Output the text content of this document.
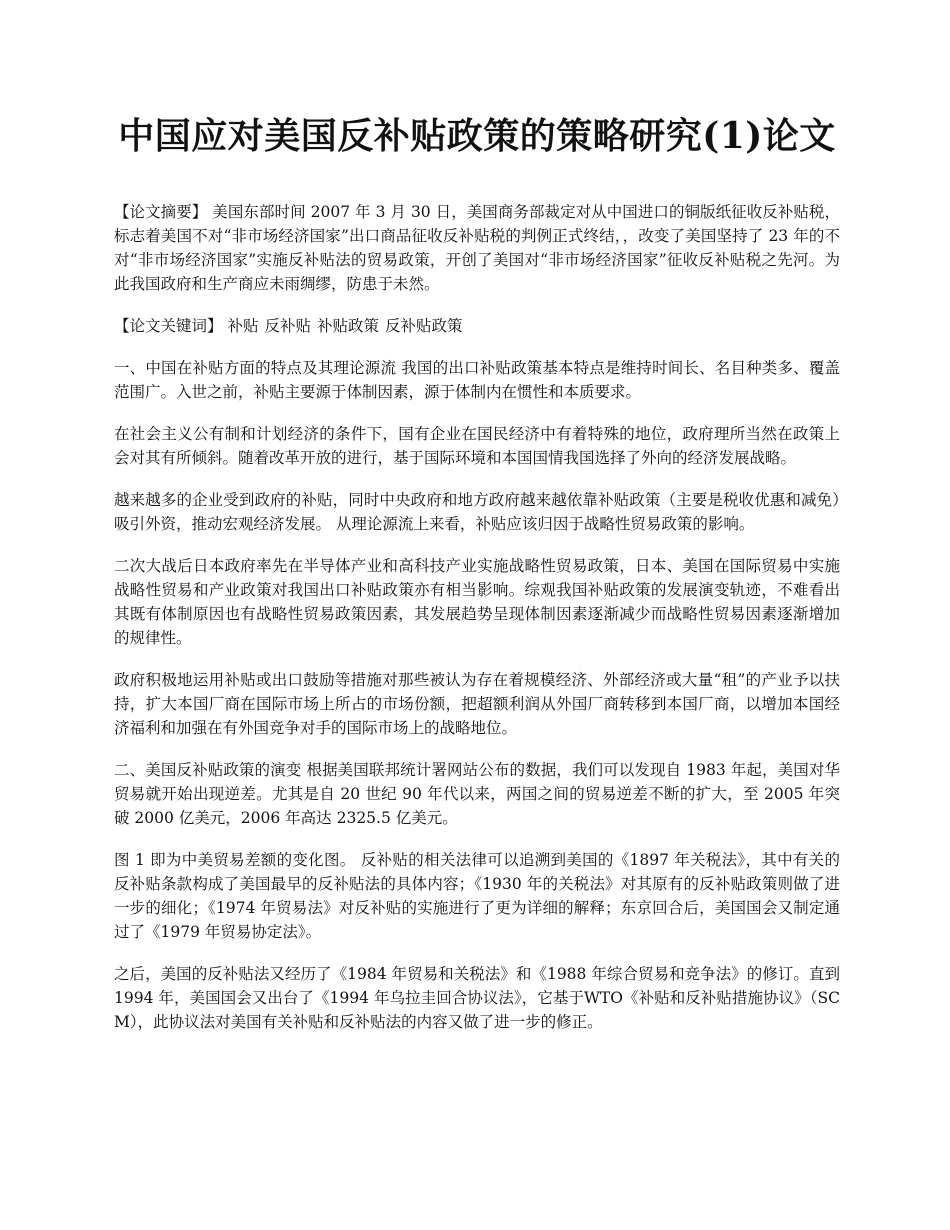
中国应对美国反补贴政策的策略研究(1)论文

【论文摘要】 美国东部时间 2007 年 3 月 30 日，美国商务部裁定对从中国进口的铜版纸征收反补贴税，标志着美国不对“非市场经济国家”出口商品征收反补贴税的判例正式终结，，改变了美国坚持了 23 年的不对“非市场经济国家”实施反补贴法的贸易政策，开创了美国对“非市场经济国家”征收反补贴税之先河。为此我国政府和生产商应未雨绸缪，防患于未然。

【论文关键词】 补贴 反补贴 补贴政策 反补贴政策

一、中国在补贴方面的特点及其理论源流 我国的出口补贴政策基本特点是维持时间长、名目种类多、覆盖范围广。入世之前，补贴主要源于体制因素，源于体制内在惯性和本质要求。

在社会主义公有制和计划经济的条件下，国有企业在国民经济中有着特殊的地位，政府理所当然在政策上会对其有所倾斜。随着改革开放的进行，基于国际环境和本国国情我国选择了外向的经济发展战略。

越来越多的企业受到政府的补贴，同时中央政府和地方政府越来越依靠补贴政策（主要是税收优惠和减免）吸引外资，推动宏观经济发展。 从理论源流上来看，补贴应该归因于战略性贸易政策的影响。

二次大战后日本政府率先在半导体产业和高科技产业实施战略性贸易政策，日本、美国在国际贸易中实施战略性贸易和产业政策对我国出口补贴政策亦有相当影响。综观我国补贴政策的发展演变轨迹，不难看出其既有体制原因也有战略性贸易政策因素，其发展趋势呈现体制因素逐渐减少而战略性贸易因素逐渐增加的规律性。

政府积极地运用补贴或出口鼓励等措施对那些被认为存在着规模经济、外部经济或大量“租”的产业予以扶持，扩大本国厂商在国际市场上所占的市场份额，把超额利润从外国厂商转移到本国厂商，以增加本国经济福利和加强在有外国竞争对手的国际市场上的战略地位。

二、美国反补贴政策的演变 根据美国联邦统计署网站公布的数据，我们可以发现自 1983 年起，美国对华贸易就开始出现逆差。尤其是自 20 世纪 90 年代以来，两国之间的贸易逆差不断的扩大，至 2005 年突破 2000 亿美元，2006 年高达 2325.5 亿美元。

图 1 即为中美贸易差额的变化图。 反补贴的相关法律可以追溯到美国的《1897 年关税法》，其中有关的反补贴条款构成了美国最早的反补贴法的具体内容；《1930 年的关税法》对其原有的反补贴政策则做了进一步的细化；《1974 年贸易法》对反补贴的实施进行了更为详细的解释；东京回合后，美国国会又制定通过了《1979 年贸易协定法》。

之后，美国的反补贴法又经历了《1984 年贸易和关税法》和《1988 年综合贸易和竞争法》的修订。直到 1994 年，美国国会又出台了《1994 年乌拉圭回合协议法》，它基于WTO《补贴和反补贴措施协议》（SCM），此协议法对美国有关补贴和反补贴法的内容又做了进一步的修正。
